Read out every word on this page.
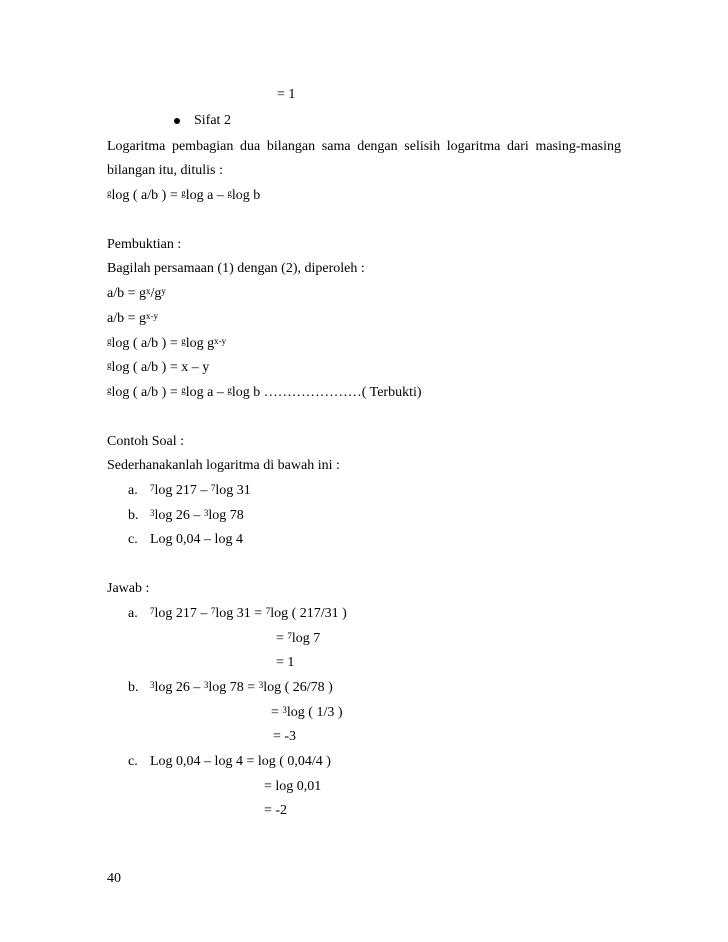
= 1
Sifat 2
Logaritma pembagian dua bilangan sama dengan selisih logaritma dari masing-masing
bilangan itu, ditulis :
$^g$log ( a/b ) = $^g$log a – $^g$log b
Pembuktian :
Bagilah persamaan (1) dengan (2), diperoleh :
$a/b = g^x/g^y$
$a/b = g^{x-y}$
$^g$log ( a/b ) = $^g$log $g^{x-y}$
$^g$log ( a/b ) = x – y
$^g$log ( a/b ) = $^g$log a – $^g$log b …………………( Terbukti)
Contoh Soal :
Sederhanakanlah logaritma di bawah ini :
a. $^7$log 217 – $^7$log 31
b. $^3$log 26 – $^3$log 78
c. Log 0,04 – log 4
Jawab :
a. $^7$log 217 – $^7$log 31 = $^7$log ( 217/31 )
= $^7$log 7
= 1
b. $^3$log 26 – $^3$log 78 = $^3$log ( 26/78 )
= $^3$log ( 1/3 )
= -3
c. Log 0,04 – log 4 = log ( 0,04/4 )
= log 0,01
= -2
40
